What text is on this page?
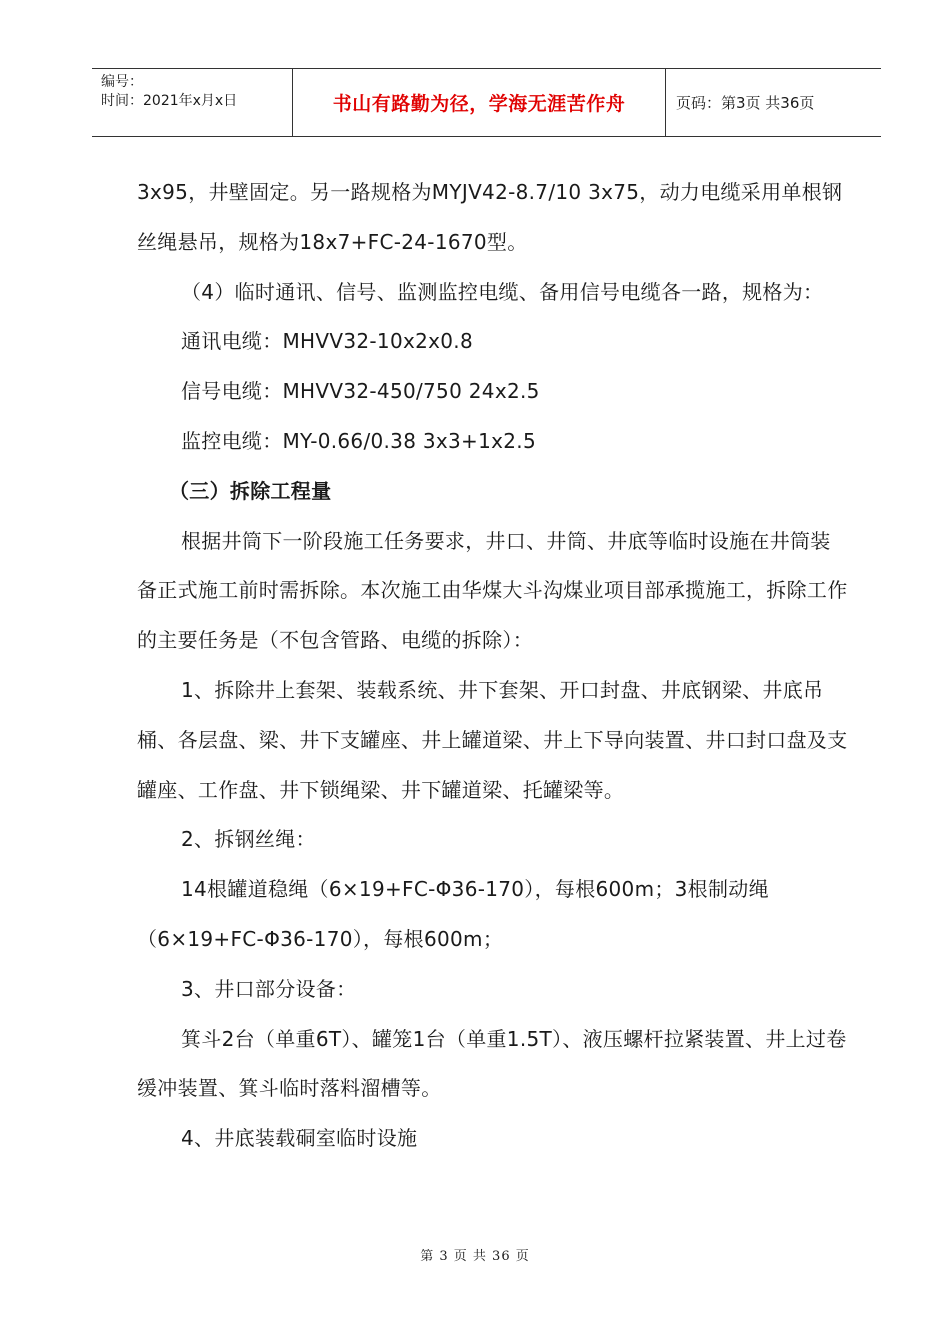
编号：
时间：2021年x月x日	书山有路勤为径，学海无涯苦作舟	页码：第3页 共36页

3x95，井壁固定。另一路规格为MYJV42-8.7/10 3x75，动力电缆采用单根钢丝绳悬吊，规格为18x7+FC-24-1670型。

（4）临时通讯、信号、监测监控电缆、备用信号电缆各一路，规格为：

通讯电缆：MHVV32-10x2x0.8

信号电缆：MHVV32-450/750 24x2.5

监控电缆：MY-0.66/0.38 3x3+1x2.5

（三）拆除工程量

根据井筒下一阶段施工任务要求，井口、井筒、井底等临时设施在井筒装备正式施工前时需拆除。本次施工由华煤大斗沟煤业项目部承揽施工，拆除工作的主要任务是（不包含管路、电缆的拆除）：

1、拆除井上套架、装载系统、井下套架、开口封盘、井底钢梁、井底吊桶、各层盘、梁、井下支罐座、井上罐道梁、井上下导向装置、井口封口盘及支罐座、工作盘、井下锁绳梁、井下罐道梁、托罐梁等。

2、拆钢丝绳：

14根罐道稳绳（6×19+FC-Φ36-170），每根600m；3根制动绳（6×19+FC-Φ36-170），每根600m；

3、井口部分设备：

箕斗2台（单重6T）、罐笼1台（单重1.5T）、液压螺杆拉紧装置、井上过卷缓冲装置、箕斗临时落料溜槽等。

4、井底装载硐室临时设施

第 3 页 共 36 页
